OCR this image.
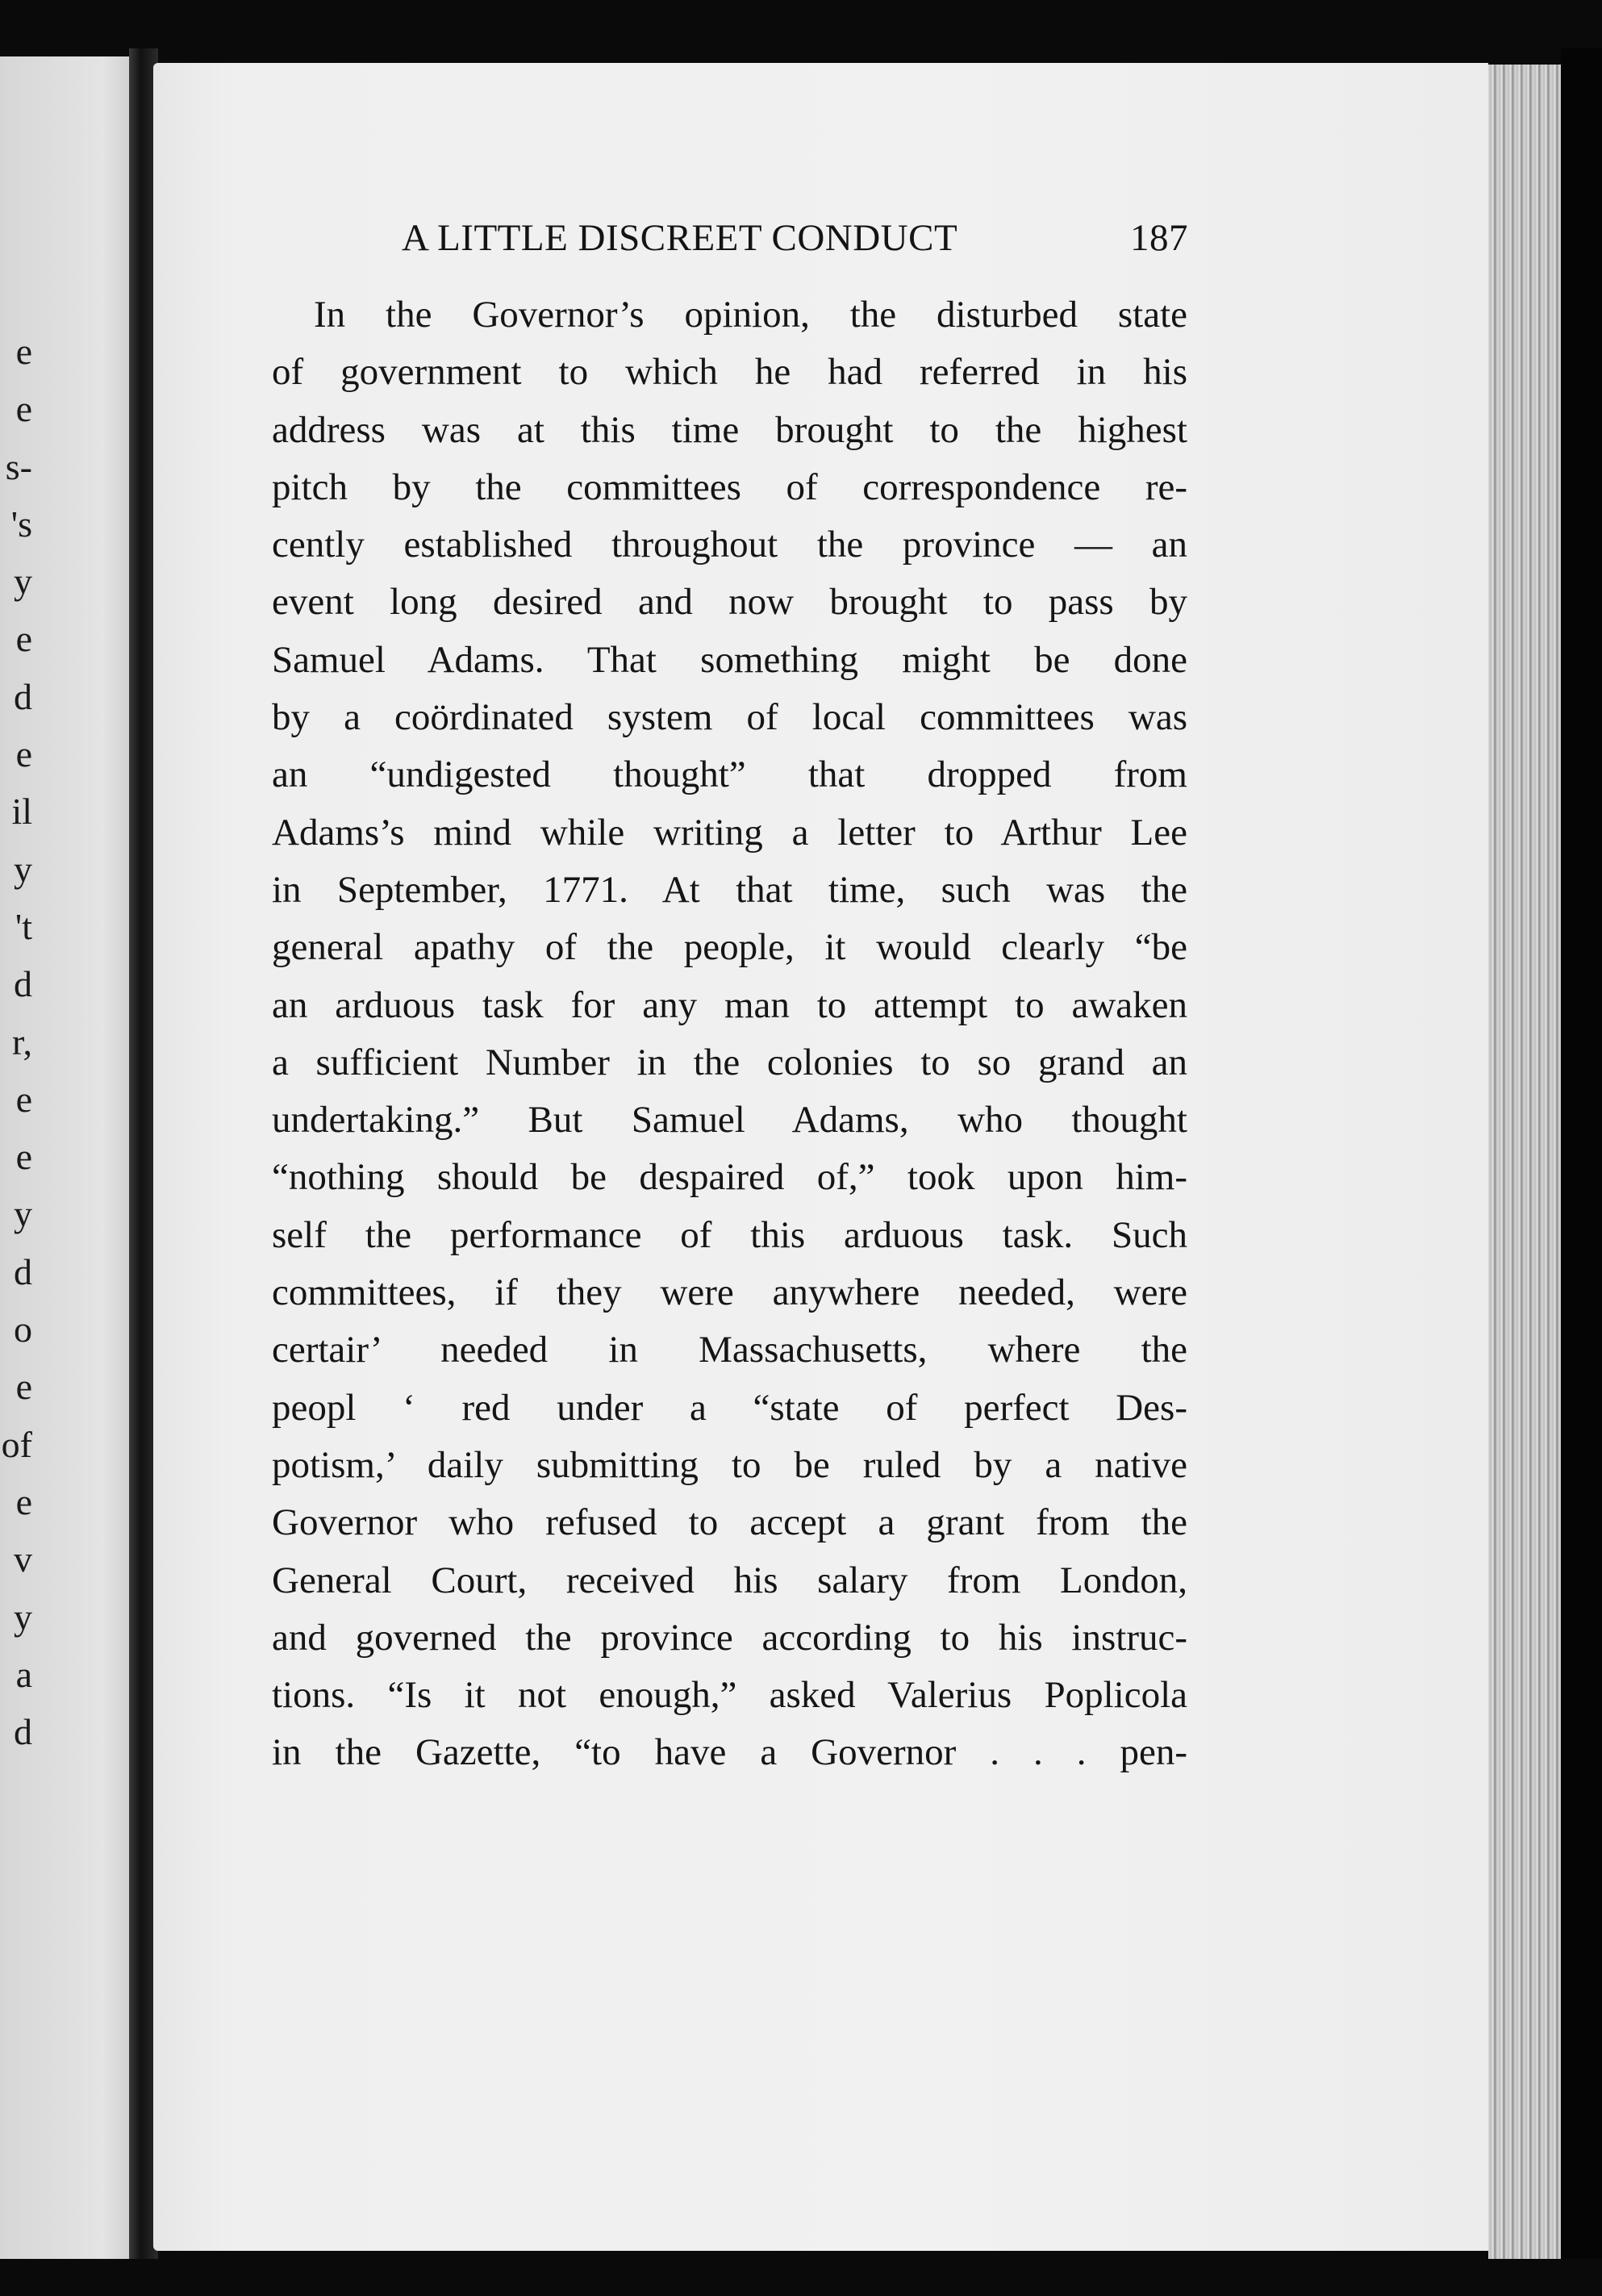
e
e
s-
's
y
e
d
e
il
y
't
d
r,
e
e
y
d
o
e
of
e
v
y
a
d
A LITTLE DISCREET CONDUCT	187
In the Governor’s opinion, the disturbed state
of government to which he had referred in his
address was at this time brought to the highest
pitch by the committees of correspondence re-
cently established throughout the province — an
event long desired and now brought to pass by
Samuel Adams. That something might be done
by a coördinated system of local committees was
an “undigested thought” that dropped from
Adams’s mind while writing a letter to Arthur Lee
in September, 1771. At that time, such was the
general apathy of the people, it would clearly “be
an arduous task for any man to attempt to awaken
a sufficient Number in the colonies to so grand an
undertaking.” But Samuel Adams, who thought
“nothing should be despaired of,” took upon him-
self the performance of this arduous task. Such
committees, if they were anywhere needed, were
certair’ needed in Massachusetts, where the
peopl ‘ red under a “state of perfect Des-
potism,’ daily submitting to be ruled by a native
Governor who refused to accept a grant from the
General Court, received his salary from London,
and governed the province according to his instruc-
tions. “Is it not enough,” asked Valerius Poplicola
in the Gazette, “to have a Governor . . . pen-
